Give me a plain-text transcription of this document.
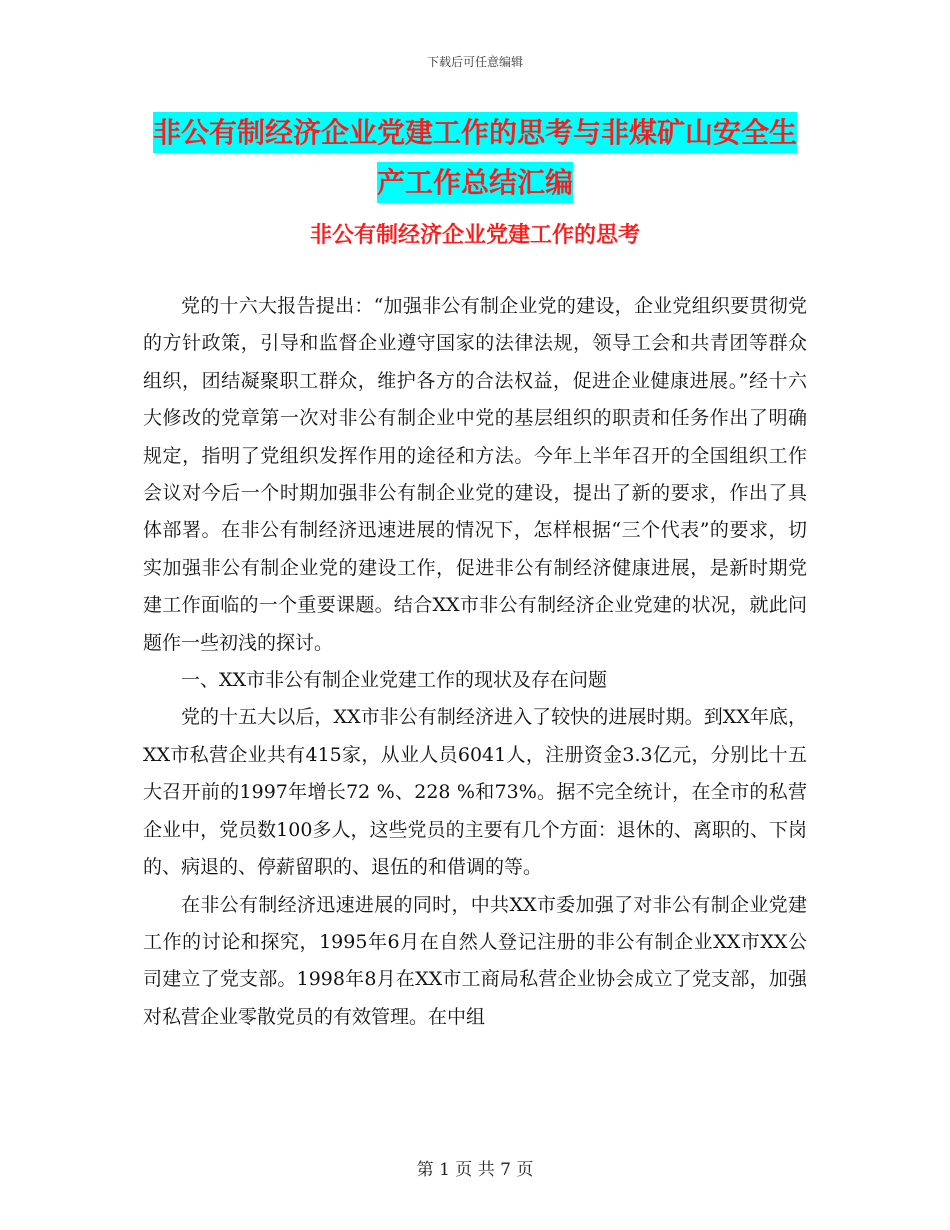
下载后可任意编辑
非公有制经济企业党建工作的思考与非煤矿山安全生产工作总结汇编
非公有制经济企业党建工作的思考

党的十六大报告提出：“加强非公有制企业党的建设，企业党组织要贯彻党的方针政策，引导和监督企业遵守国家的法律法规，领导工会和共青团等群众组织，团结凝聚职工群众，维护各方的合法权益，促进企业健康进展。”经十六大修改的党章第一次对非公有制企业中党的基层组织的职责和任务作出了明确规定，指明了党组织发挥作用的途径和方法。今年上半年召开的全国组织工作会议对今后一个时期加强非公有制企业党的建设，提出了新的要求，作出了具体部署。在非公有制经济迅速进展的情况下，怎样根据“三个代表”的要求，切实加强非公有制企业党的建设工作，促进非公有制经济健康进展，是新时期党建工作面临的一个重要课题。结合XX市非公有制经济企业党建的状况，就此问题作一些初浅的探讨。

一、XX市非公有制企业党建工作的现状及存在问题

党的十五大以后，XX市非公有制经济进入了较快的进展时期。到XX年底，XX市私营企业共有415家，从业人员6041人，注册资金3.3亿元，分别比十五大召开前的1997年增长72 %、228 %和73%。据不完全统计，在全市的私营企业中，党员数100多人，这些党员的主要有几个方面：退休的、离职的、下岗的、病退的、停薪留职的、退伍的和借调的等。

在非公有制经济迅速进展的同时，中共XX市委加强了对非公有制企业党建工作的讨论和探究，1995年6月在自然人登记注册的非公有制企业XX市XX公司建立了党支部。1998年8月在XX市工商局私营企业协会成立了党支部，加强对私营企业零散党员的有效管理。在中组

第 1 页 共 7 页
